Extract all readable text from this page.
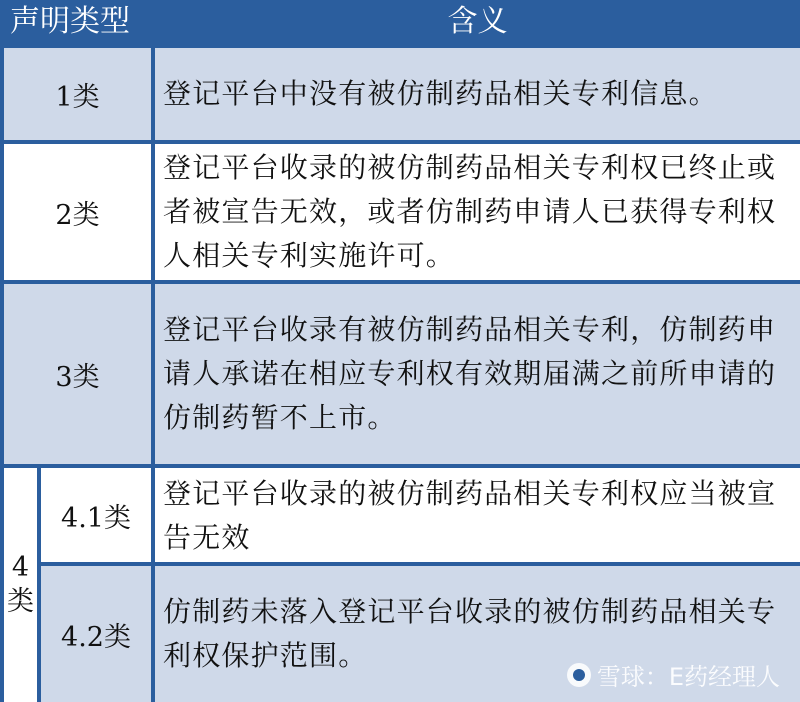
声明类型	含义
1类	登记平台中没有被仿制药品相关专利信息。
2类
登记平台收录的被仿制药品相关专利权已终止或者被宣告无效，或者仿制药申请人已获得专利权人相关专利实施许可。
3类
登记平台收录有被仿制药品相关专利，仿制药申请人承诺在相应专利权有效期届满之前所申请的仿制药暂不上市。
4
类
4.1类
登记平台收录的被仿制药品相关专利权应当被宣告无效
4.2类
仿制药未落入登记平台收录的被仿制药品相关专利权保护范围。
雪球：E药经理人
